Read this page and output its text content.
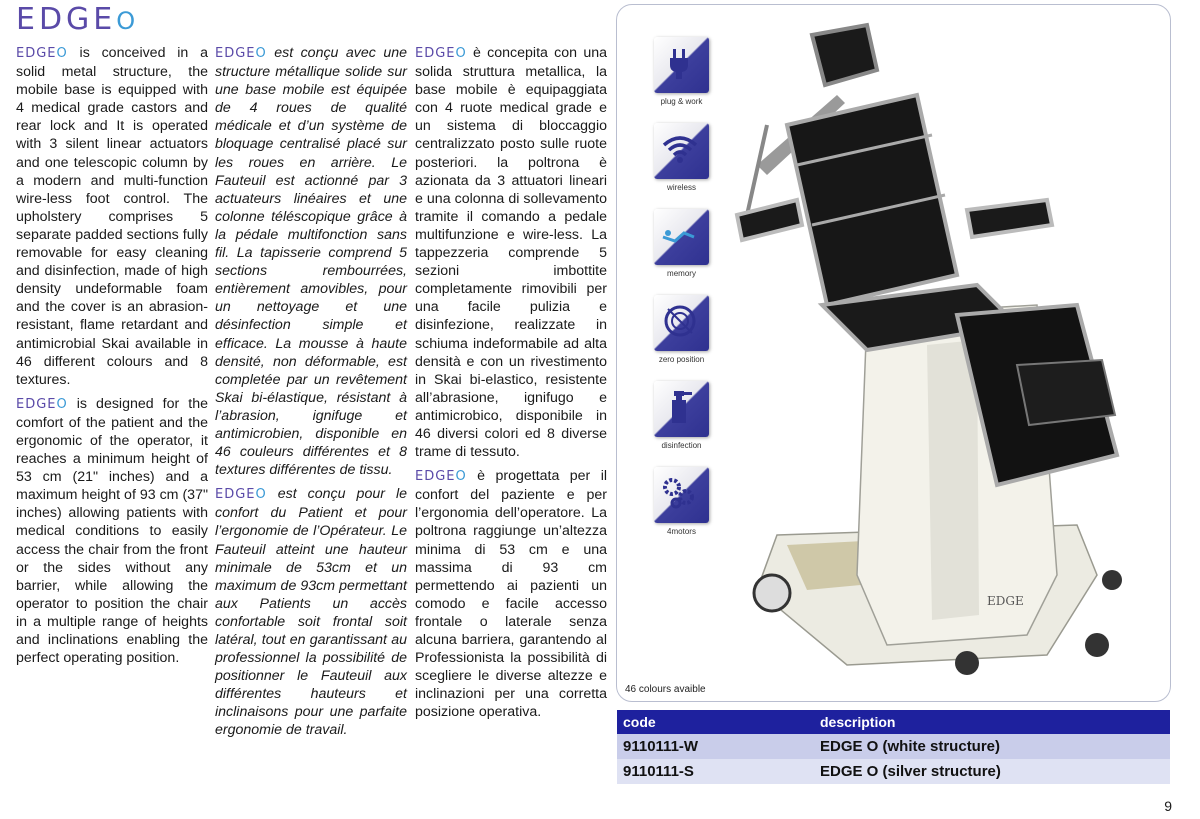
EDGEO

EDGEO is conceived in a solid metal structure, the mobile base is equipped with 4 medical grade castors and rear lock and It is operated with 3 silent linear actuators and one telescopic column by a modern and multi-function wire-less foot control. The upholstery comprises 5 separate padded sections fully removable for easy cleaning and disinfection, made of high density undeformable foam and the cover is an abrasion-resistant, flame retardant and antimicrobial Skai available in 46 different colours and 8 textures.

EDGEO is designed for the comfort of the patient and the ergonomic of the operator, it reaches a minimum height of 53 cm (21" inches) and a maximum height of 93 cm (37" inches) allowing patients with medical conditions to easily access the chair from the front or the sides without any barrier, while allowing the operator to position the chair in a multiple range of heights and inclinations enabling the perfect operating position.

EDGEO est conçu avec une structure métallique solide sur une base mobile est équipée de 4 roues de qualité médicale et d’un système de bloquage centralisé placé sur les roues en arrière. Le Fauteuil est actionné par 3 actuateurs linéaires et une colonne téléscopique grâce à la pédale multifonction sans fil. La tapisserie comprend 5 sections rembourrées, entièrement amovibles, pour un nettoyage et une désinfection simple et efficace. La mousse à haute densité, non déformable, est completée par un revêtement Skai bi-élastique, résistant à l’abrasion, ignifuge et antimicrobien, disponible en 46 couleurs différentes et 8 textures différentes de tissu.

EDGEO est conçu pour le confort du Patient et pour l’ergonomie de l’Opérateur. Le Fauteuil atteint une hauteur minimale de 53cm et un maximum de 93cm permettant aux Patients un accès confortable soit frontal soit latéral, tout en garantissant au professionnel la possibilité de positionner le Fauteuil aux différentes hauteurs et inclinaisons pour une parfaite ergonomie de travail.

EDGEO è concepita con una solida struttura metallica, la base mobile è equipaggiata con 4 ruote medical grade e un sistema di bloccaggio centralizzato posto sulle ruote posteriori. la poltrona è azionata da 3 attuatori lineari e una colonna di sollevamento tramite il comando a pedale multifunzione e wire-less. La tappezzeria comprende 5 sezioni imbottite completamente rimovibili per una facile pulizia e disinfezione, realizzate in schiuma indeformabile ad alta densità e con un rivestimento in Skai bi-elastico, resistente all’abrasione, ignifugo e antimicrobico, disponibile in 46 diversi colori ed 8 diverse trame di tessuto.

EDGEO è progettata per il confort del paziente e per l’ergonomia dell’operatore. La poltrona raggiunge un’altezza minima di 53 cm e una massima di 93 cm permettendo ai pazienti un comodo e facile accesso frontale o laterale senza alcuna barriera, garantendo al Professionista la possibilità di scegliere le diverse altezze e inclinazioni per una corretta posizione operativa.

plug & work
wireless
memory
zero position
disinfection
4motors
EDGE
46 colours avaible
code	description
9110111-W	EDGE O (white structure)
9110111-S	EDGE O (silver structure)
9
